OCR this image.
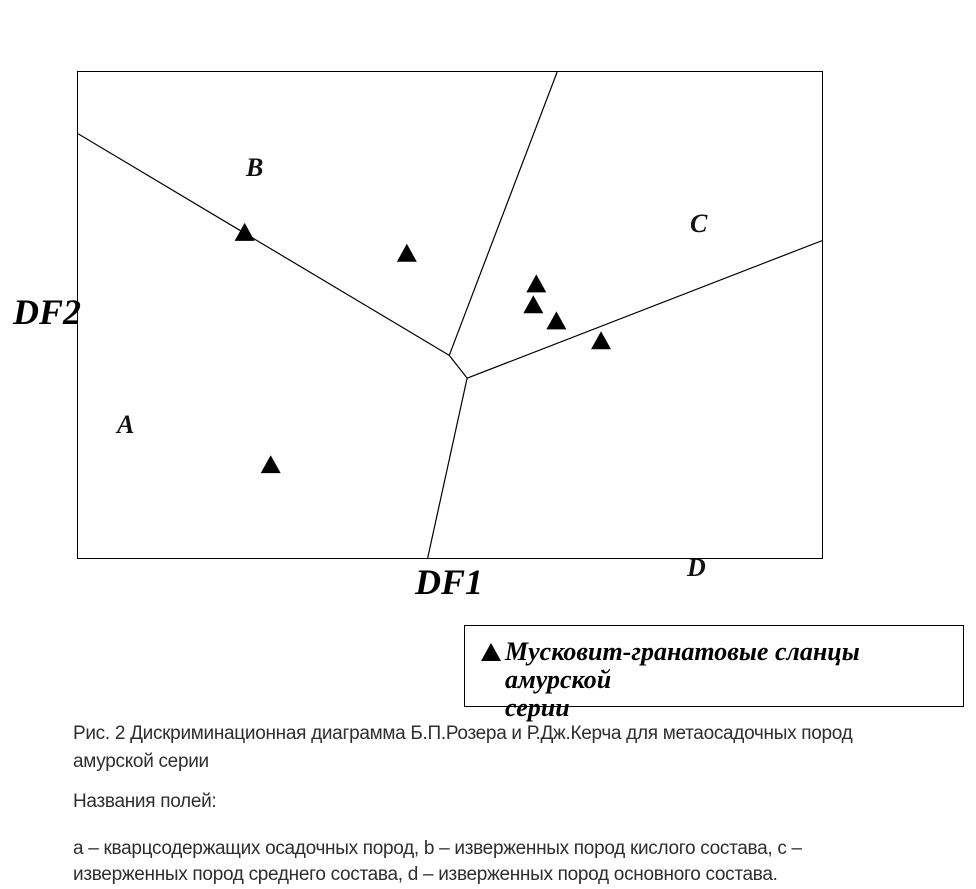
DF2
DF1
A
B
C
D
Мусковит-гранатовые сланцы амурской
серии
Рис. 2 Дискриминационная диаграмма Б.П.Розера и Р.Дж.Керча для метаосадочных пород
амурской серии
Названия полей:
a – кварцсодержащих осадочных пород, b – изверженных пород кислого состава, c –
изверженных пород среднего состава, d – изверженных пород основного состава.
